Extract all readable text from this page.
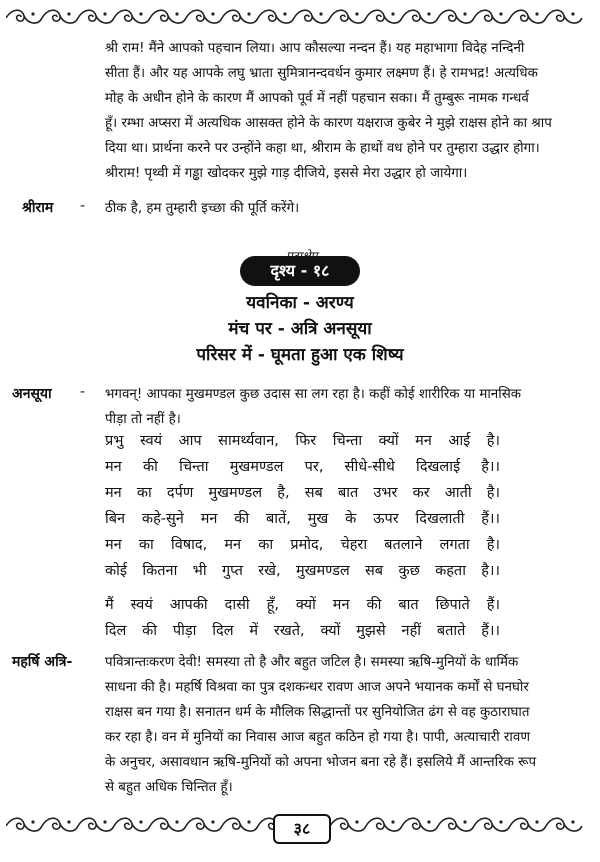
श्री राम! मैंने आपको पहचान लिया। आप कौसल्या नन्दन हैं। यह महाभागा विदेह नन्दिनी
सीता हैं। और यह आपके लघु भ्राता सुमित्रानन्दवर्धन कुमार लक्ष्मण हैं। हे रामभद्र! अत्यधिक
मोह के अधीन होने के कारण मैं आपको पूर्व में नहीं पहचान सका। मैं तुम्बुरू नामक गन्धर्व
हूँ। रम्भा अप्सरा में अत्यधिक आसक्त होने के कारण यक्षराज कुबेर ने मुझे राक्षस होने का श्राप
दिया था। प्रार्थना करने पर उन्होंने कहा था, श्रीराम के हाथों वध होने पर तुम्हारा उद्धार होगा।
श्रीराम! पृथ्वी में गड्ढा खोदकर मुझे गाड़ दीजिये, इससे मेरा उद्धार हो जायेगा।
श्रीराम - ठीक है, हम तुम्हारी इच्छा की पूर्ति करेंगे।
दृश्य - १८
यवनिका - अरण्य
मंच पर - अत्रि अनसूया
परिसर में - घूमता हुआ एक शिष्य
अनसूया - भगवन्! आपका मुखमण्डल कुछ उदास सा लग रहा है। कहीं कोई शारीरिक या मानसिक
पीड़ा तो नहीं है।
प्रभु स्वयं आप सामर्थ्यवान, फिर चिन्ता क्यों मन आई है।
मन की चिन्ता मुखमण्डल पर, सीधे-सीधे दिखलाई है।।
मन का दर्पण मुखमण्डल है, सब बात उभर कर आती है।
बिन कहे-सुने मन की बातें, मुख के ऊपर दिखलाती हैं।।
मन का विषाद, मन का प्रमोद, चेहरा बतलाने लगता है।
कोई कितना भी गुप्त रखे, मुखमण्डल सब कुछ कहता है।।
मैं स्वयं आपकी दासी हूँ, क्यों मन की बात छिपाते हैं।
दिल की पीड़ा दिल में रखते, क्यों मुझसे नहीं बताते हैं।।
महर्षि अत्रि- पवित्रान्तःकरण देवी! समस्या तो है और बहुत जटिल है। समस्या ऋषि-मुनियों के धार्मिक
साधना की है। महर्षि विश्रवा का पुत्र दशकन्धर रावण आज अपने भयानक कर्मों से घनघोर
राक्षस बन गया है। सनातन धर्म के मौलिक सिद्धान्तों पर सुनियोजित ढंग से वह कुठाराघात
कर रहा है। वन में मुनियों का निवास आज बहुत कठिन हो गया है। पापी, अत्याचारी रावण
के अनुचर, असावधान ऋषि-मुनियों को अपना भोजन बना रहे हैं। इसलिये मैं आन्तरिक रूप
से बहुत अधिक चिन्तित हूँ।
३८
